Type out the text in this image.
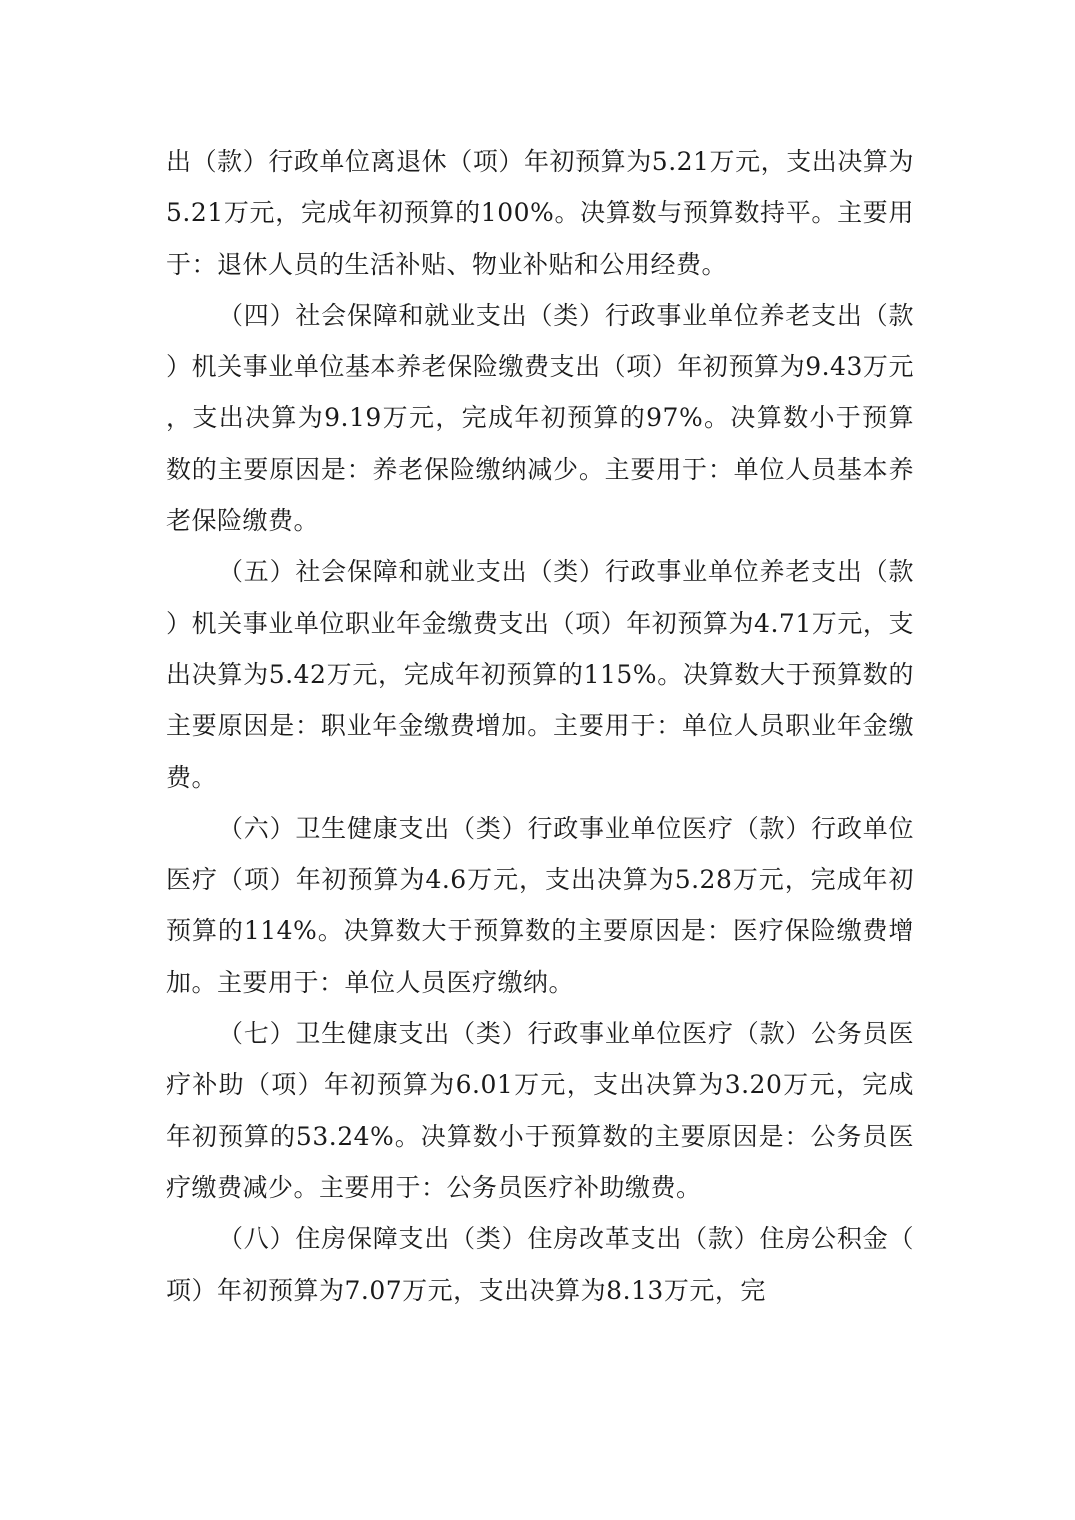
出（款）行政单位离退休（项）年初预算为5.21万元，支出决算为5.21万元，完成年初预算的100%。决算数与预算数持平。主要用于：退休人员的生活补贴、物业补贴和公用经费。

（四）社会保障和就业支出（类）行政事业单位养老支出（款）机关事业单位基本养老保险缴费支出（项）年初预算为9.43万元，支出决算为9.19万元，完成年初预算的97%。决算数小于预算数的主要原因是：养老保险缴纳减少。主要用于：单位人员基本养老保险缴费。

（五）社会保障和就业支出（类）行政事业单位养老支出（款）机关事业单位职业年金缴费支出（项）年初预算为4.71万元，支出决算为5.42万元，完成年初预算的115%。决算数大于预算数的主要原因是：职业年金缴费增加。主要用于：单位人员职业年金缴费。

（六）卫生健康支出（类）行政事业单位医疗（款）行政单位医疗（项）年初预算为4.6万元，支出决算为5.28万元，完成年初预算的114%。决算数大于预算数的主要原因是：医疗保险缴费增加。主要用于：单位人员医疗缴纳。

（七）卫生健康支出（类）行政事业单位医疗（款）公务员医疗补助（项）年初预算为6.01万元，支出决算为3.20万元，完成年初预算的53.24%。决算数小于预算数的主要原因是：公务员医疗缴费减少。主要用于：公务员医疗补助缴费。

（八）住房保障支出（类）住房改革支出（款）住房公积金（项）年初预算为7.07万元，支出决算为8.13万元，完
